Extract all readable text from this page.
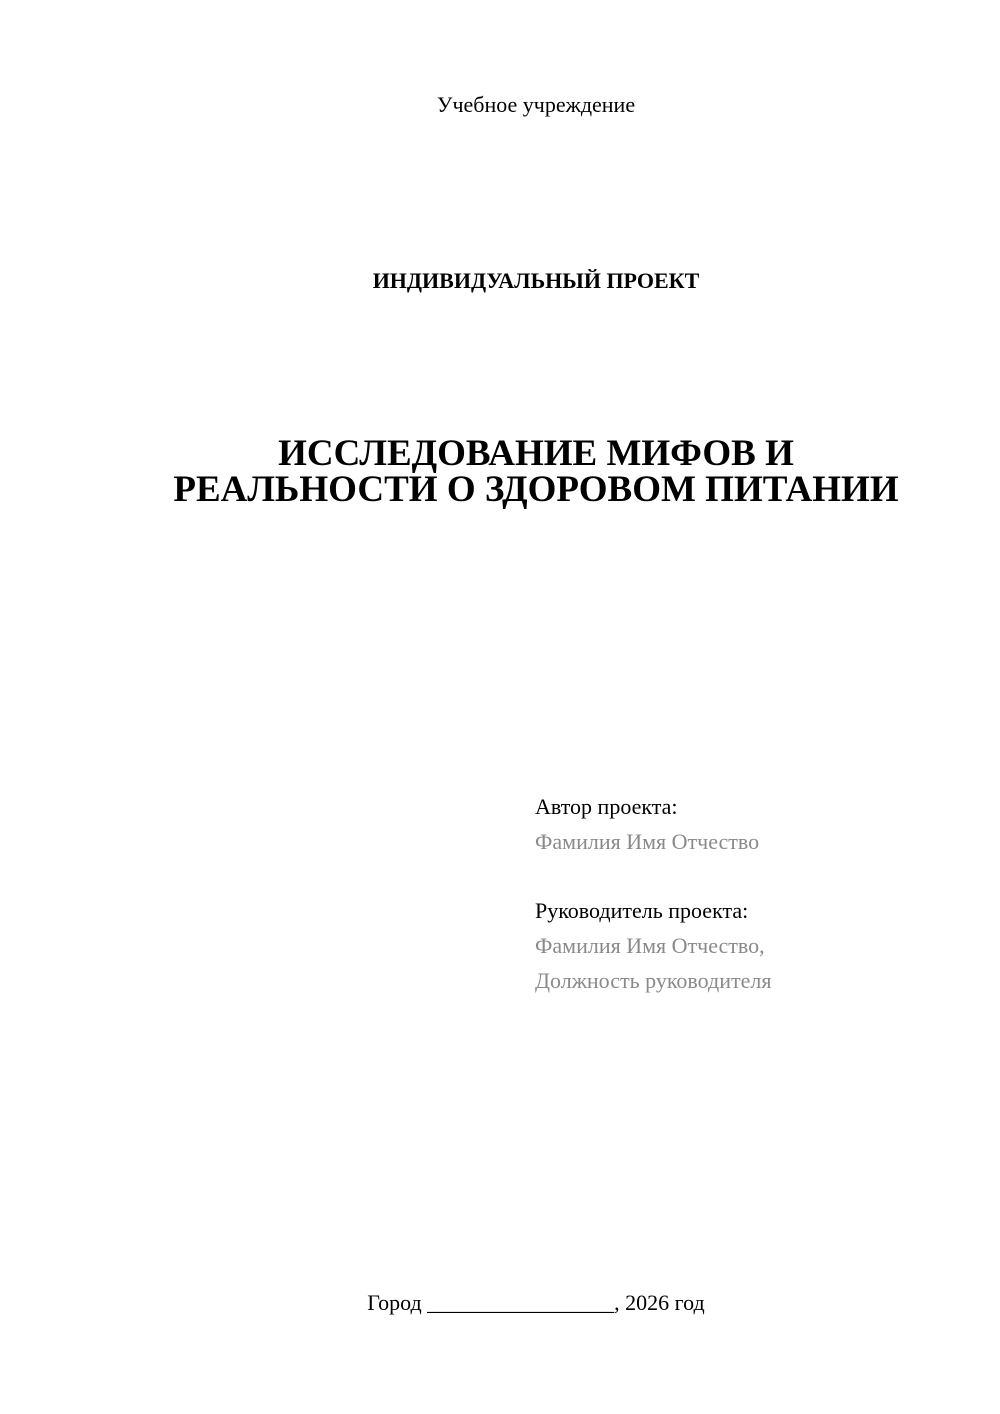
Учебное учреждение
ИНДИВИДУАЛЬНЫЙ ПРОЕКТ
ИССЛЕДОВАНИЕ МИФОВ И
РЕАЛЬНОСТИ О ЗДОРОВОМ ПИТАНИИ
Автор проекта:
Фамилия Имя Отчество
Руководитель проекта:
Фамилия Имя Отчество,
Должность руководителя
Город _________________, 2026 год
